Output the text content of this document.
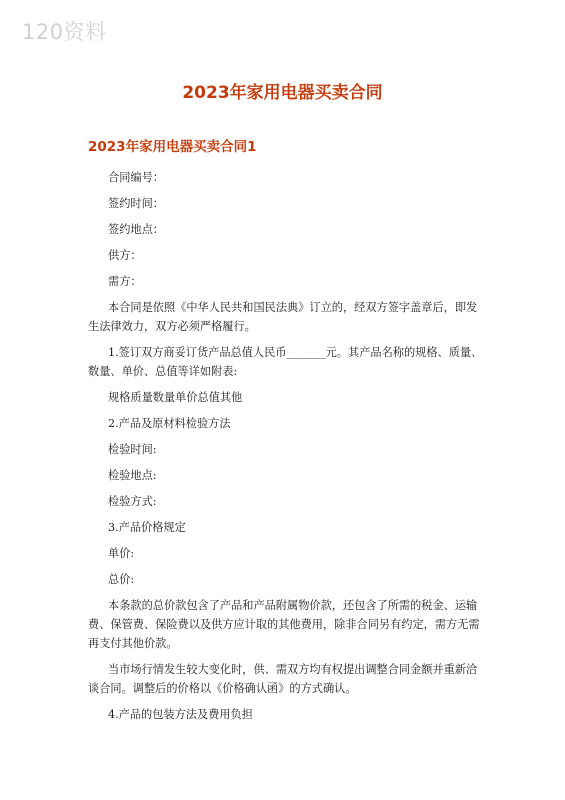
120资料
2023年家用电器买卖合同
2023年家用电器买卖合同1
合同编号：
签约时间：
签约地点：
供方：
需方：
本合同是依照《中华人民共和国民法典》订立的，经双方签字盖章后，即发生法律效力，双方必须严格履行。
1.签订双方商妥订货产品总值人民币_______元。其产品名称的规格、质量、数量、单价、总值等详如附表:
规格质量数量单价总值其他
2.产品及原材料检验方法
检验时间:
检验地点:
检验方式:
3.产品价格规定
单价:
总价:
本条款的总价款包含了产品和产品附属物价款，还包含了所需的税金、运输费、保管费、保险费以及供方应计取的其他费用，除非合同另有约定，需方无需再支付其他价款。
当市场行情发生较大变化时，供、需双方均有权提出调整合同金额并重新洽谈合同。调整后的价格以《价格确认函》的方式确认。
4.产品的包装方法及费用负担
